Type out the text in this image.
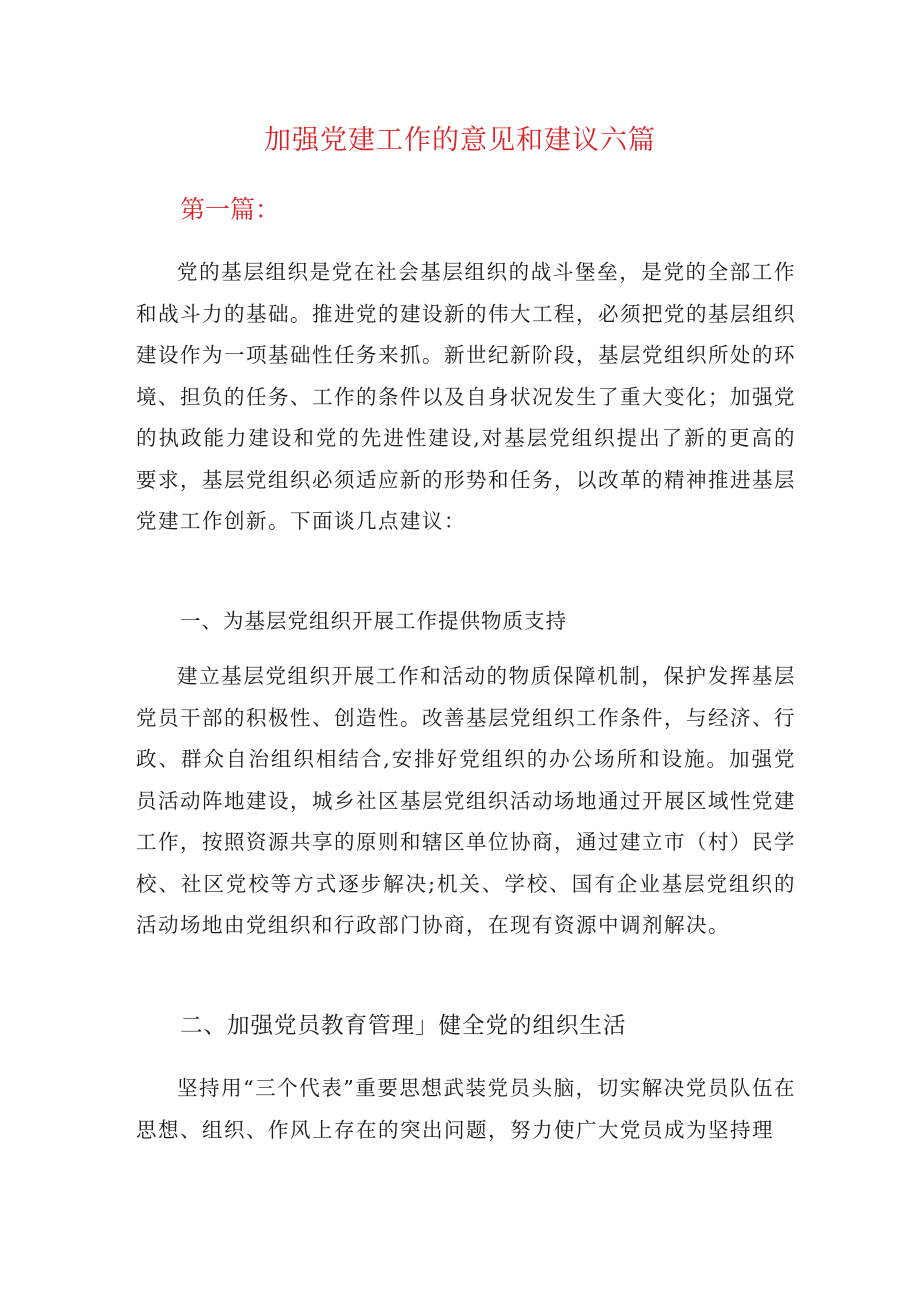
加强党建工作的意见和建议六篇
第一篇：

党的基层组织是党在社会基层组织的战斗堡垒，是党的全部工作和战斗力的基础。推进党的建设新的伟大工程，必须把党的基层组织建设作为一项基础性任务来抓。新世纪新阶段，基层党组织所处的环境、担负的任务、工作的条件以及自身状况发生了重大变化；加强党的执政能力建设和党的先进性建设,对基层党组织提出了新的更高的要求，基层党组织必须适应新的形势和任务，以改革的精神推进基层党建工作创新。下面谈几点建议：

一、为基层党组织开展工作提供物质支持

建立基层党组织开展工作和活动的物质保障机制，保护发挥基层党员干部的积极性、创造性。改善基层党组织工作条件，与经济、行政、群众自治组织相结合,安排好党组织的办公场所和设施。加强党员活动阵地建设，城乡社区基层党组织活动场地通过开展区域性党建工作，按照资源共享的原则和辖区单位协商，通过建立市（村）民学校、社区党校等方式逐步解决;机关、学校、国有企业基层党组织的活动场地由党组织和行政部门协商，在现有资源中调剂解决。

二、加强党员教育管理」健全党的组织生活

坚持用“三个代表”重要思想武装党员头脑，切实解决党员队伍在思想、组织、作风上存在的突出问题，努力使广大党员成为坚持理
